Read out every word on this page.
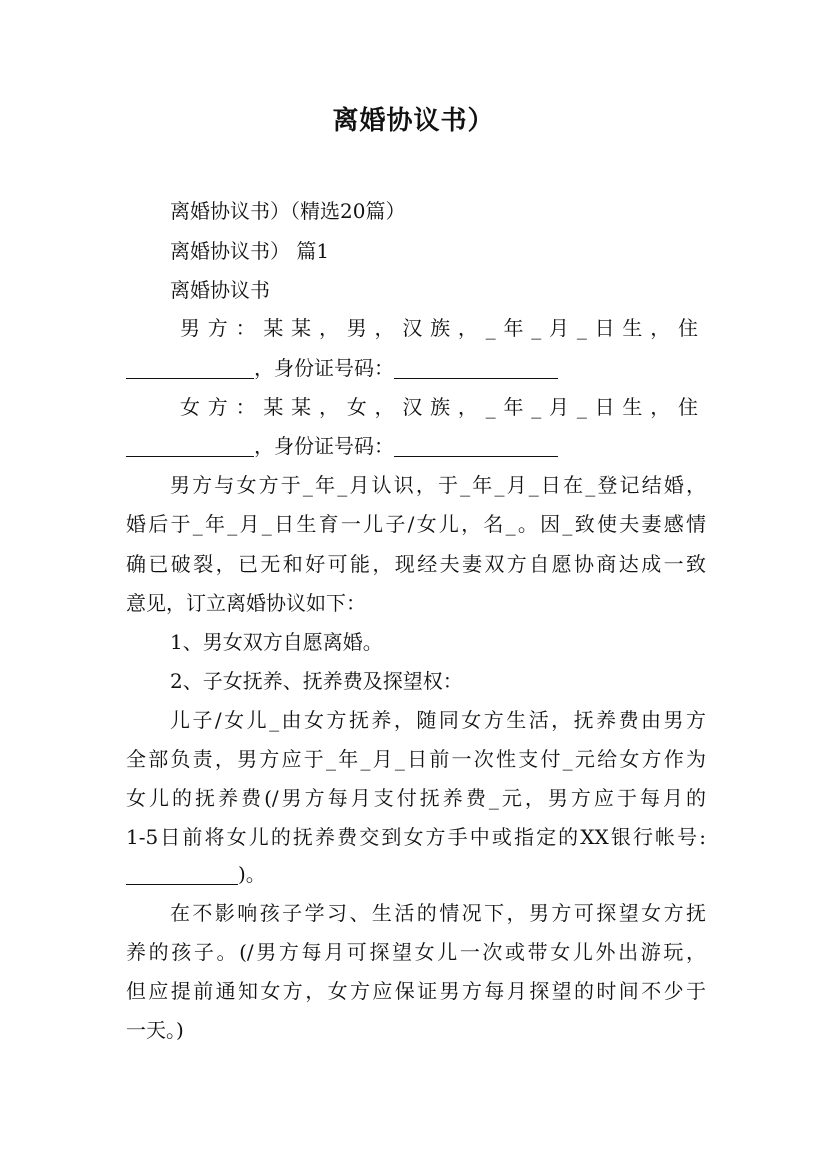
离婚协议书）
离婚协议书）（精选20篇）
离婚协议书） 篇1
离婚协议书
男方：某某，男，汉族，_年_月_日生，住
，身份证号码：
女方：某某，女，汉族，_年_月_日生，住
，身份证号码：
男方与女方于_年_月认识，于_年_月_日在_登记结婚，
婚后于_年_月_日生育一儿子/女儿，名_。因_致使夫妻感情
确已破裂，已无和好可能，现经夫妻双方自愿协商达成一致
意见，订立离婚协议如下：
1、男女双方自愿离婚。
2、子女抚养、抚养费及探望权：
儿子/女儿_由女方抚养，随同女方生活，抚养费由男方
全部负责，男方应于_年_月_日前一次性支付_元给女方作为
女儿的抚养费(/男方每月支付抚养费_元，男方应于每月的
1-5日前将女儿的抚养费交到女方手中或指定的XX银行帐号:
)。
在不影响孩子学习、生活的情况下，男方可探望女方抚
养的孩子。(/男方每月可探望女儿一次或带女儿外出游玩，
但应提前通知女方，女方应保证男方每月探望的时间不少于
一天。)
